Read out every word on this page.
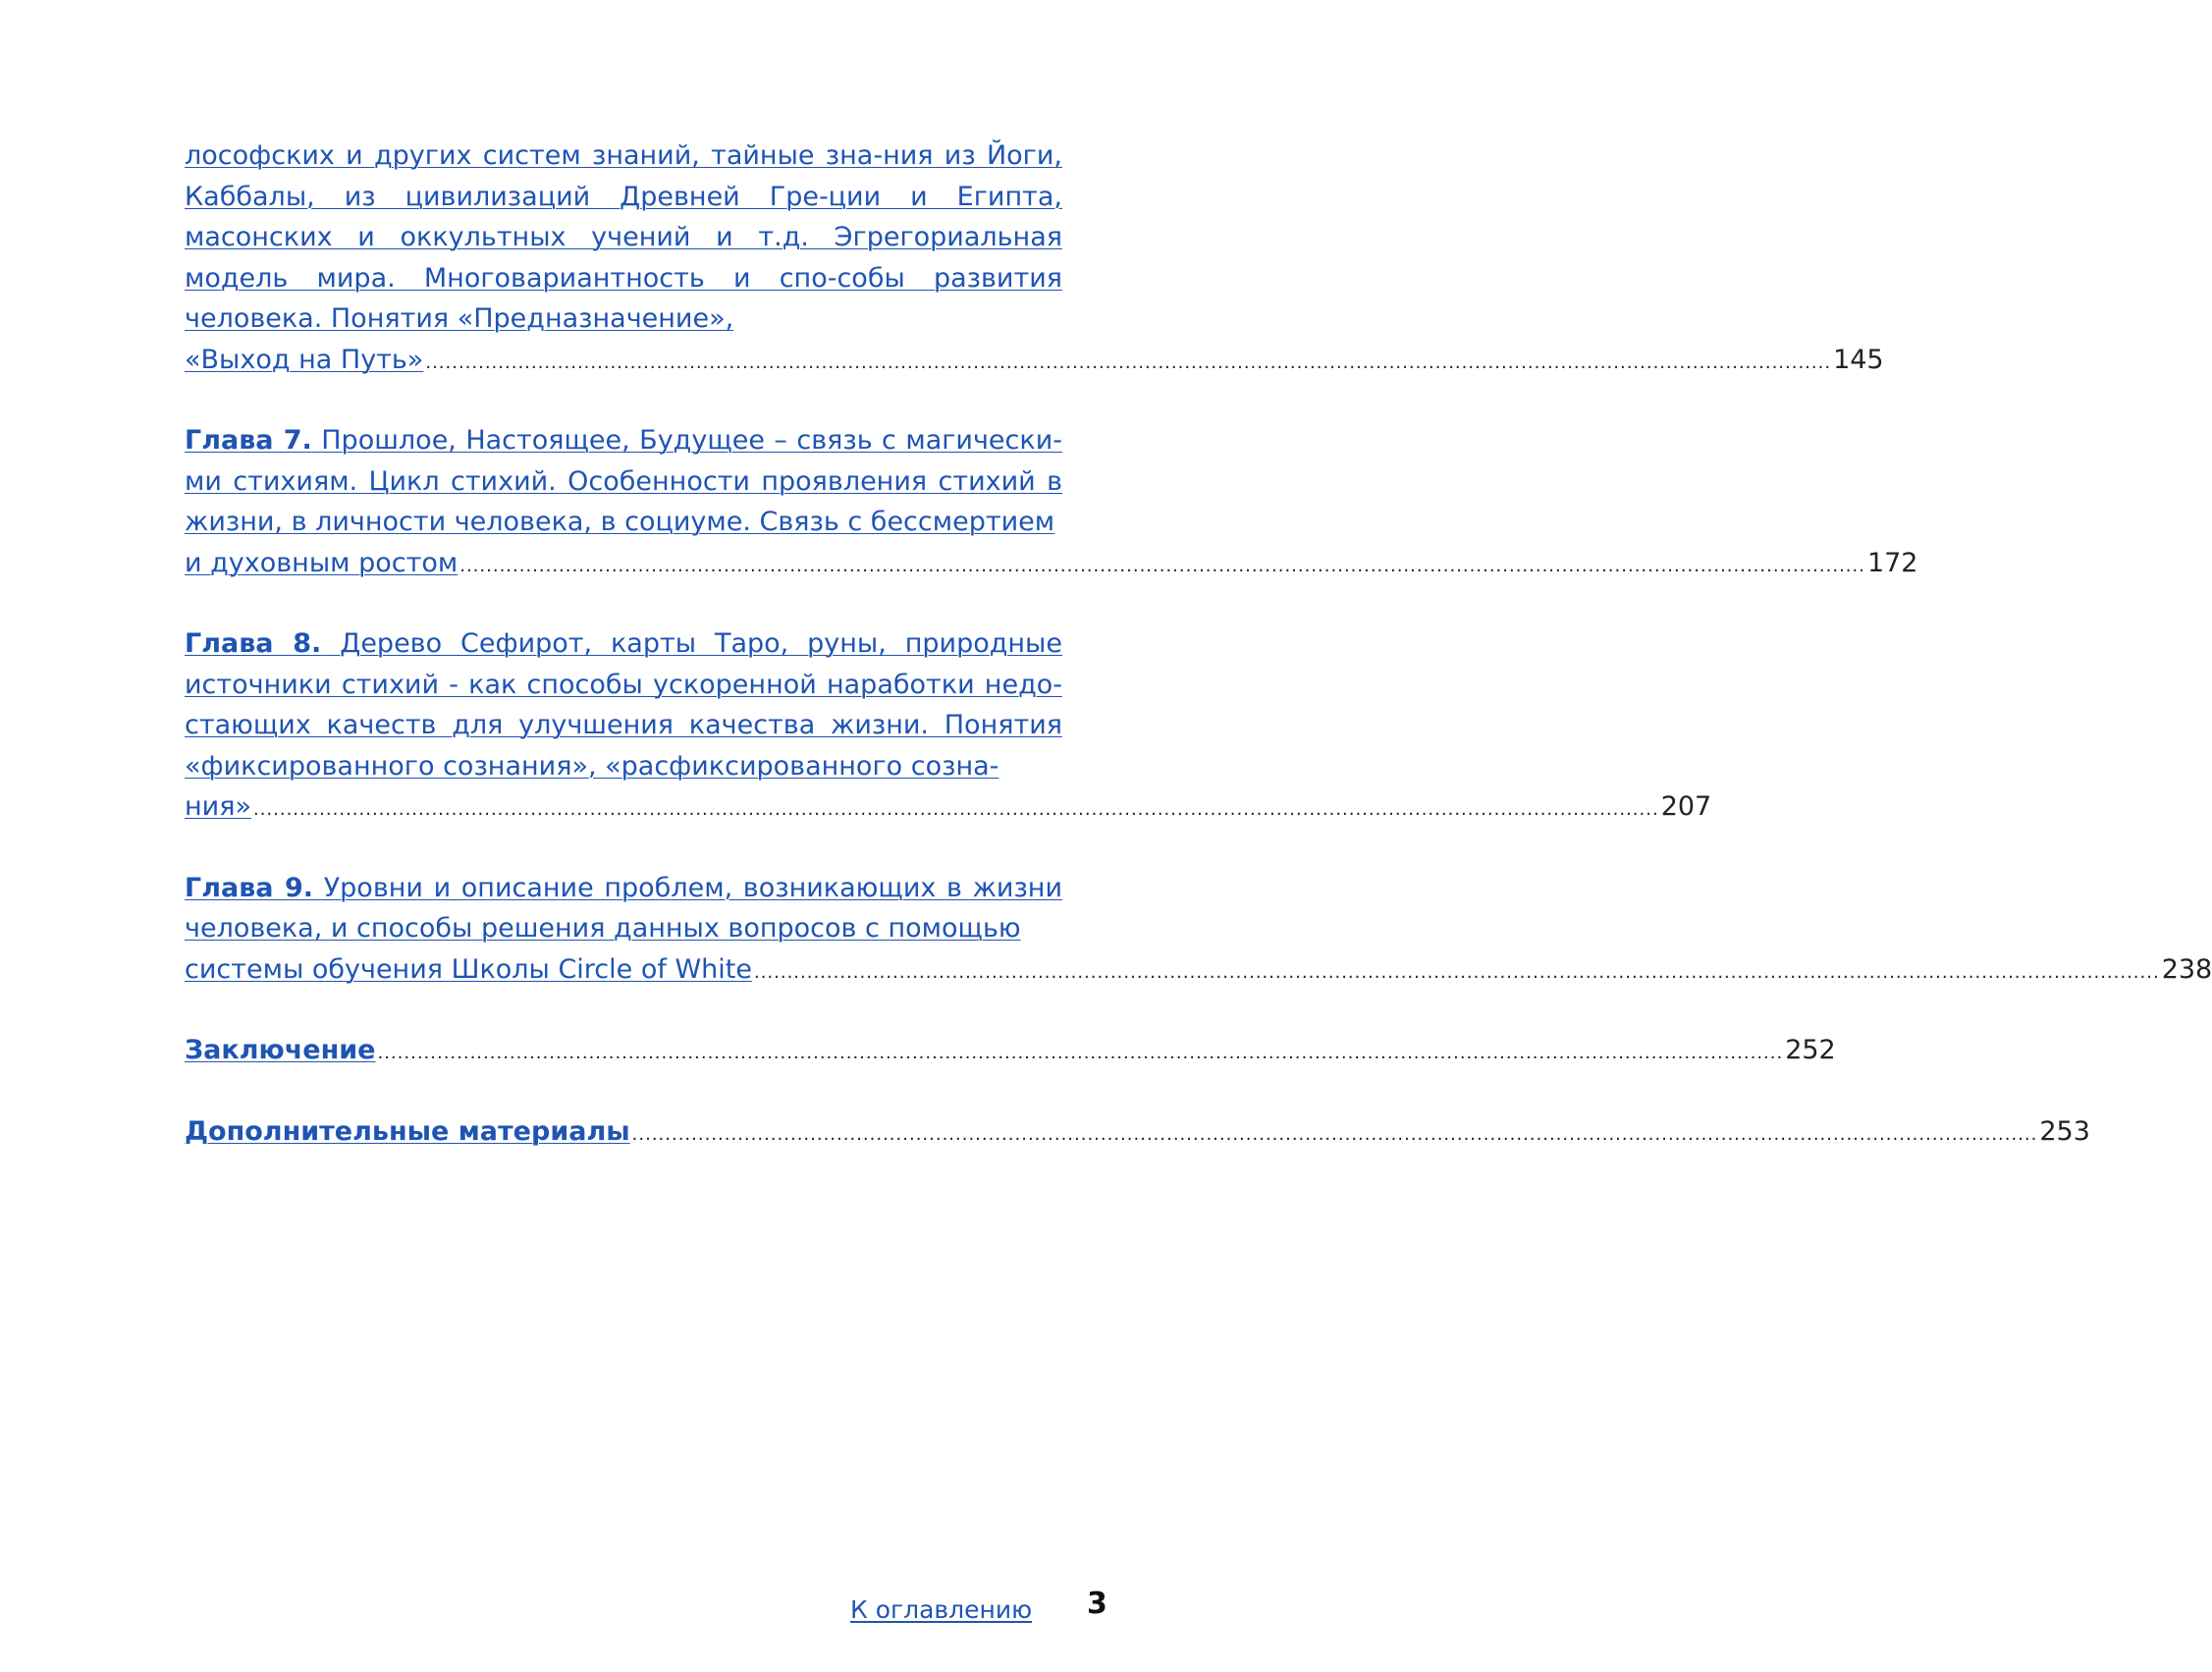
лософских и других систем знаний, тайные зна-ния из Йоги, Каббалы, из цивилизаций Древней Гре-ции и Египта, масонских и оккультных учений и т.д. Эгрегориальная модель мира. Многовариантность и спо-собы развития человека. Понятия «Предназначение»,
«Выход на Путь» ..................................................................................................................................................................................................................... 145
Глава 7. Прошлое, Настоящее, Будущее – связь с магически-ми стихиям. Цикл стихий. Особенности проявления стихий в жизни, в личности человека, в социуме. Связь с бессмертием
и духовным ростом ..................................................................................................................................................................................................................... 172
Глава 8. Дерево Сефирот, карты Таро, руны, природные источники стихий - как способы ускоренной наработки недо-стающих качеств для улучшения качества жизни. Понятия «фиксированного сознания», «расфиксированного созна-
ния» ..................................................................................................................................................................................................................... 207
Глава 9. Уровни и описание проблем, возникающих в жизни человека, и способы решения данных вопросов с помощью
системы обучения Школы Circle of White ..................................................................................................................................................................................................................... 238
Заключение ..................................................................................................................................................................................................................... 252
Дополнительные материалы ..................................................................................................................................................................................................................... 253
К оглавлению 3
